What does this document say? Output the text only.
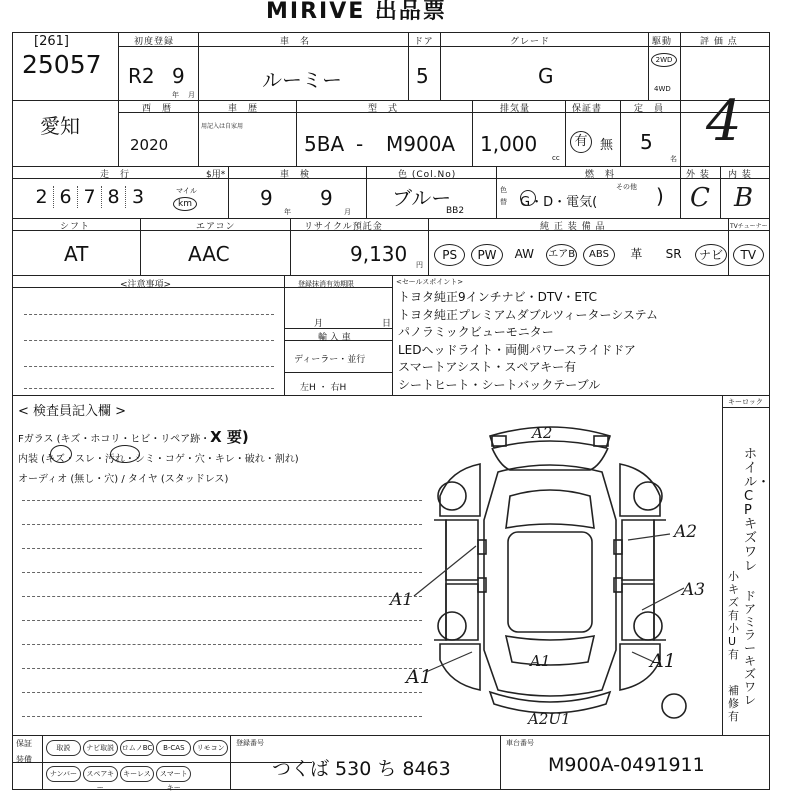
MIRIVE 出品票
[261]
25057
初度登録
R2 9
年 月
車　名
ルーミー
ドア
5
グレード
G
駆動
2WD
4WD
評 価 点
4
愛知
西　暦
2020
車　歴
用記入は自家用
型　式
5BA - M900A
排気量
1,000
cc
保証書
有 無
定　員
5
名
走　行
2 6 7 8 3	マイル
km
$用*	車　検
9
年
9
月
色 (Col.No)
ブルー
BB2
色替
燃　料
G・D・電気(
その他 )
外 装
C
内 装
B
シフト
AT
エアコン
AAC
リサイクル預託金
9,130 円
純 正 装 備 品	TVチューナー
PS	PW	AW	エアB	ABS	革	SR	ナビ	TV
<注意事項>	登録抹消有効期限
月	日
輸 入 車
ディーラー・並行
左H ・ 右H
<セールスポイント>
トヨタ純正9インチナビ・DTV・ETC
トヨタ純正プレミアムダブルツィーターシステム
パノラミックビューモニター
LEDヘッドライト・両側パワースライドドア
スマートアシスト・スペアキー有
シートヒート・シートバックテーブル
< 検査員記入欄 >
Fガラス (キズ・ホコリ・ヒビ・リペア跡・X 要)
内装 (キズ・スレ・汚れ・シミ・コゲ・穴・キレ・破れ・割れ)
オーディオ (無し・穴) / タイヤ (スタッドレス)
キーロック
ホイル・CPキズワレ
小キズ有
小U有
ドアミラーキズワレ
補修有
A2
A2
A3
A1
A1	A1
A1
A2U1
保証
装備
取説	ナビ取説	ロムノBC	B-CAS	リモコン
ナンバー	スペアキー
キーレス	スマートキー
登録番号
つくば 530 ち 8463
車台番号
M900A-0491911
